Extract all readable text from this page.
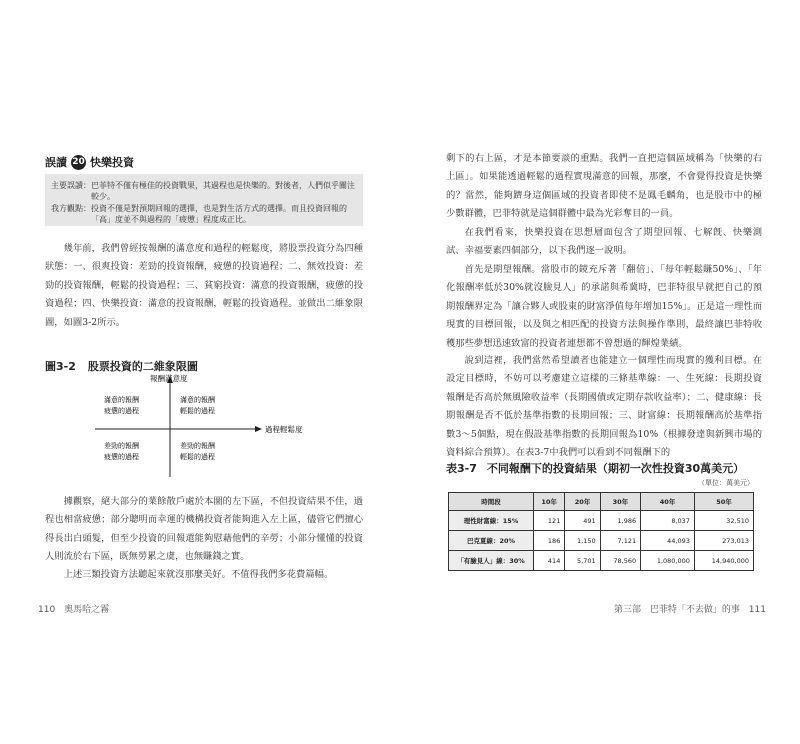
誤讀 20 快樂投資
主要誤讀： 巴菲特不僅有極佳的投資戰果，其過程也是快樂的。對後者，人們似乎關注較少。
我方觀點： 投資不僅是對預期回報的選擇，也是對生活方式的選擇。而且投資回報的「高」度並不與過程的「疲憊」程度成正比。
幾年前，我們曾經按報酬的滿意度和過程的輕鬆度，將股票投資分為四種狀態：一、很爽投資：差勁的投資報酬，疲憊的投資過程；二、無效投資：差勁的投資報酬，輕鬆的投資過程；三、貧窮投資：滿意的投資報酬，疲憊的投資過程；四、快樂投資：滿意的投資報酬，輕鬆的投資過程。並做出二維象限圖，如圖3-2所示。
圖3-2 股票投資的二維象限圖
報酬滿意度
過程輕鬆度
滿意的報酬
疲憊的過程
滿意的報酬
輕鬆的過程
差勁的報酬
疲憊的過程
差勁的報酬
輕鬆的過程
據觀察，絕大部分的業餘散戶處於本圖的左下區，不但投資結果不佳，過程也相當疲憊；部分聰明而幸運的機構投資者能夠進入左上區，儘管它們擅心得長出白頭髮，但至少投資的回報還能夠慰藉他們的辛勞；小部分懂懂的投資人則流於右下區，既無勞累之虞，也無賺錢之實。
上述三類投資方法聽起來就沒那麼美好。不值得我們多花費篇幅。
110 奧馬哈之霧
剩下的右上區，才是本節要談的重點。我們一直把這個區域稱為「快樂的右上區」。如果能透過輕鬆的過程實現滿意的回報，那麼，不會覺得投資是快樂的？當然，能夠躋身這個區域的投資者即使不是鳳毛麟角，也是股市中的極少數群體，巴菲特就是這個群體中最為光彩奪目的一員。
在我們看來，快樂投資在思想層面包含了期望回報、七解旣、快樂測試、幸福要素四個部分，以下我們逐一說明。
首先是期望報酬。當股市的鏡充斥著「翻倍」、「每年輕鬆賺50%」、「年化報酬率低於30%就沒臉見人」的承諾與希冀時，巴菲特很早就把自己的預期報酬界定為「讓合夥人或股東的財富淨值每年增加15%」。正是這一理性而現實的目標回報，以及與之相匹配的投資方法與操作準則，最終讓巴菲特收穫那些夢想迅速致富的投資者連想都不曾想過的輝煌業績。
說到這裡，我們當然希望讀者也能建立一個理性而現實的獲利目標。在設定目標時，不妨可以考慮建立這樣的三條基準線：一、生死線：長期投資報酬是否高於無風險收益率（長期國債或定期存款收益率）；二、健康線：長期報酬是否不低於基準指數的長期回報；三、財富線：長期報酬高於基準指數3～5個點，現在假設基準指數的長期回報為10%（根據發達與新興市場的資料綜合預算）。在表3-7中我們可以看到不同報酬下的
表3-7 不同報酬下的投資結果（期初一次性投資30萬美元）
（單位：萬美元）
時間段	10年	20年	30年	40年	50年
理性財富線：15%	121	491	1,986	8,037	32,510
巴克夏線：20%	186	1,150	7,121	44,093	273,013
「有臉見人」線：30%	414	5,701	78,560	1,080,000	14,940,000
第三部 巴菲特「不去做」的事 111
